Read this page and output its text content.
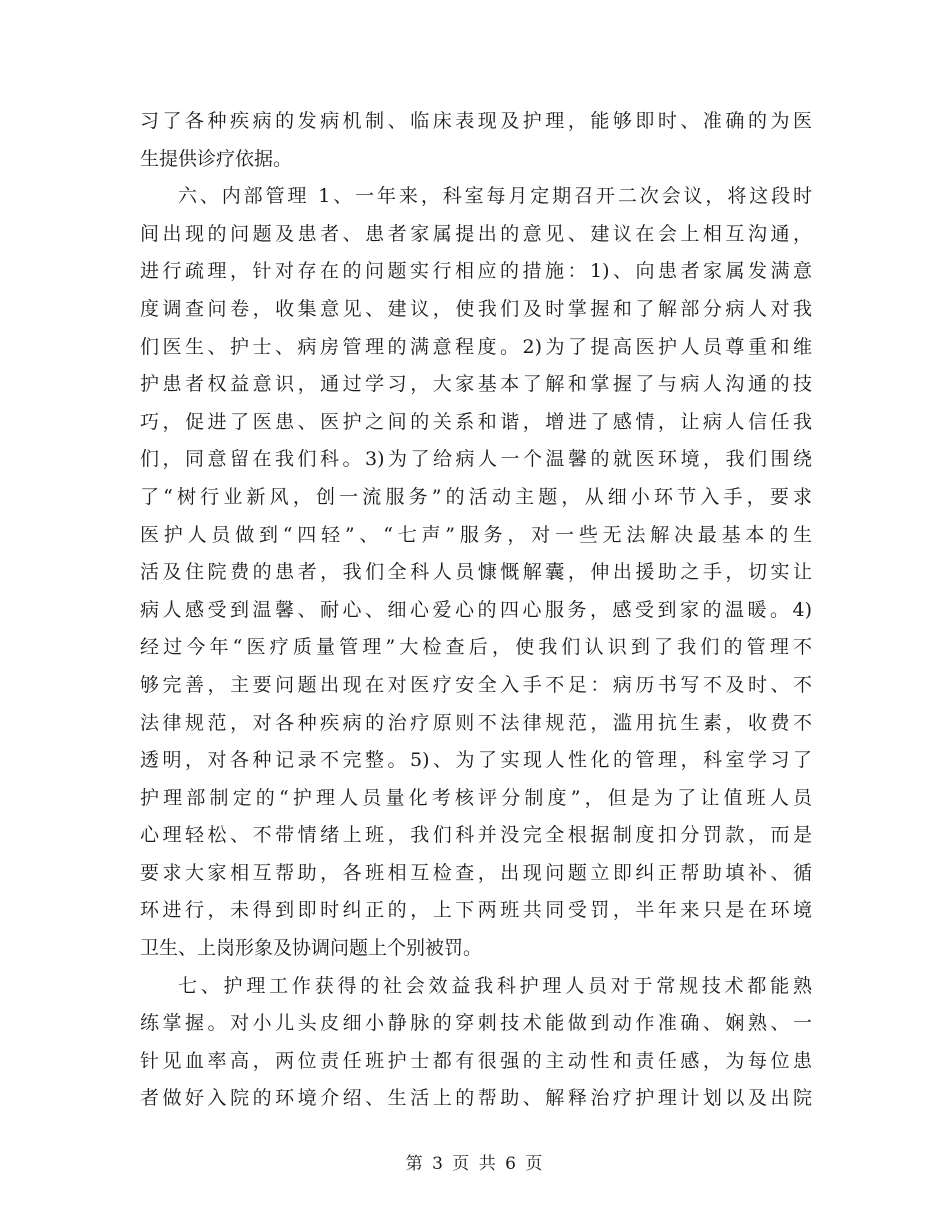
习了各种疾病的发病机制、临床表现及护理，能够即时、准确的为医
生提供诊疗依据。
六、内部管理 1、一年来，科室每月定期召开二次会议，将这段时
间出现的问题及患者、患者家属提出的意见、建议在会上相互沟通，
进行疏理，针对存在的问题实行相应的措施：1)、向患者家属发满意
度调查问卷，收集意见、建议，使我们及时掌握和了解部分病人对我
们医生、护士、病房管理的满意程度。2)为了提高医护人员尊重和维
护患者权益意识，通过学习，大家基本了解和掌握了与病人沟通的技
巧，促进了医患、医护之间的关系和谐，增进了感情，让病人信任我
们，同意留在我们科。3)为了给病人一个温馨的就医环境，我们围绕
了“树行业新风，创一流服务”的活动主题，从细小环节入手，要求
医护人员做到“四轻”、“七声”服务，对一些无法解决最基本的生
活及住院费的患者，我们全科人员慷慨解囊，伸出援助之手，切实让
病人感受到温馨、耐心、细心爱心的四心服务，感受到家的温暖。4)
经过今年“医疗质量管理”大检查后，使我们认识到了我们的管理不
够完善，主要问题出现在对医疗安全入手不足：病历书写不及时、不
法律规范，对各种疾病的治疗原则不法律规范，滥用抗生素，收费不
透明，对各种记录不完整。5)、为了实现人性化的管理，科室学习了
护理部制定的“护理人员量化考核评分制度”，但是为了让值班人员
心理轻松、不带情绪上班，我们科并没完全根据制度扣分罚款，而是
要求大家相互帮助，各班相互检查，出现问题立即纠正帮助填补、循
环进行，未得到即时纠正的，上下两班共同受罚，半年来只是在环境
卫生、上岗形象及协调问题上个别被罚。
七、护理工作获得的社会效益我科护理人员对于常规技术都能熟
练掌握。对小儿头皮细小静脉的穿刺技术能做到动作准确、娴熟、一
针见血率高，两位责任班护士都有很强的主动性和责任感，为每位患
者做好入院的环境介绍、生活上的帮助、解释治疗护理计划以及出院
第 3 页 共 6 页
